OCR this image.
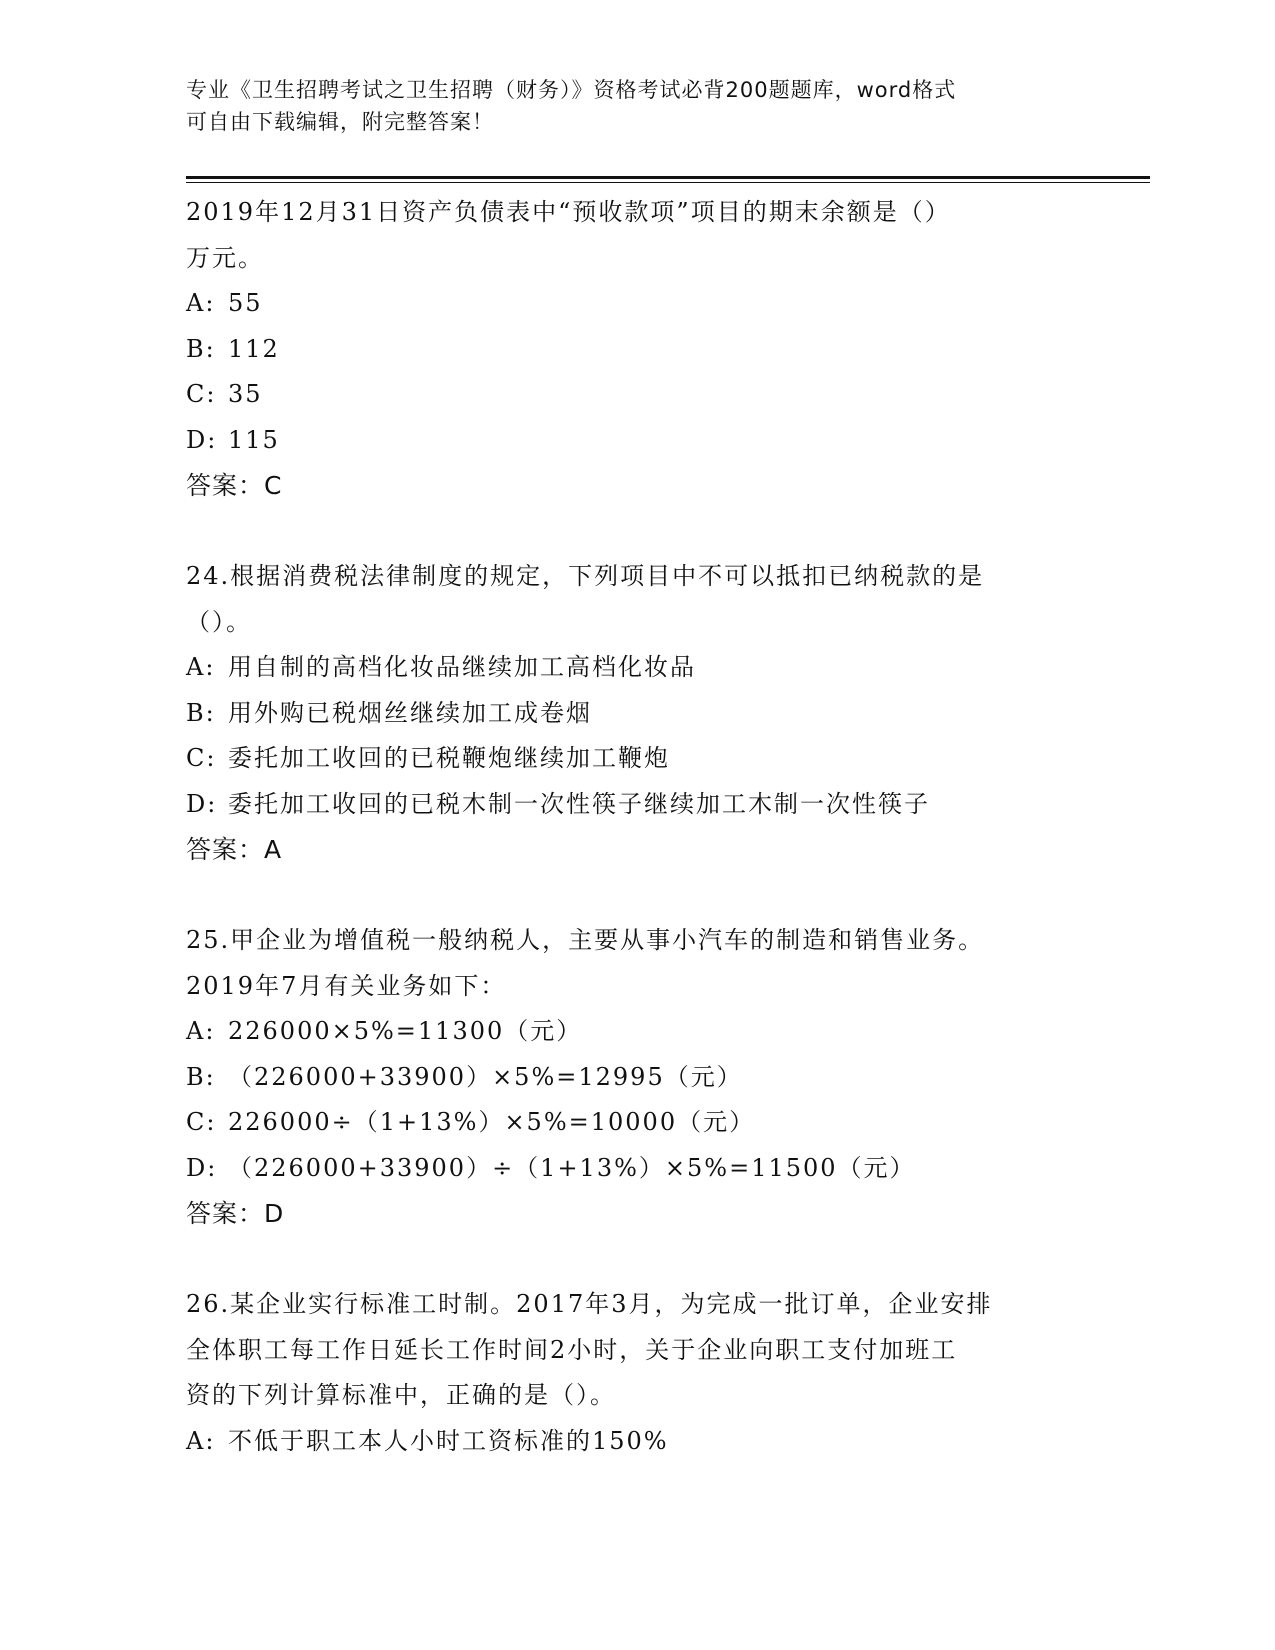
专业《卫生招聘考试之卫生招聘（财务）》资格考试必背200题题库，word格式
可自由下载编辑，附完整答案！
2019年12月31日资产负债表中“预收款项”项目的期末余额是（）
万元。
A: 55
B: 112
C: 35
D: 115
答案：C
24.根据消费税法律制度的规定，下列项目中不可以抵扣已纳税款的是
（）。
A: 用自制的高档化妆品继续加工高档化妆品
B: 用外购已税烟丝继续加工成卷烟
C: 委托加工收回的已税鞭炮继续加工鞭炮
D: 委托加工收回的已税木制一次性筷子继续加工木制一次性筷子
答案：A
25.甲企业为增值税一般纳税人，主要从事小汽车的制造和销售业务。
2019年7月有关业务如下：
A: 226000×5%=11300（元）
B: （226000+33900）×5%=12995（元）
C: 226000÷（1+13%）×5%=10000（元）
D: （226000+33900）÷（1+13%）×5%=11500（元）
答案：D
26.某企业实行标准工时制。2017年3月，为完成一批订单，企业安排
全体职工每工作日延长工作时间2小时，关于企业向职工支付加班工
资的下列计算标准中，正确的是（）。
A: 不低于职工本人小时工资标准的150%
